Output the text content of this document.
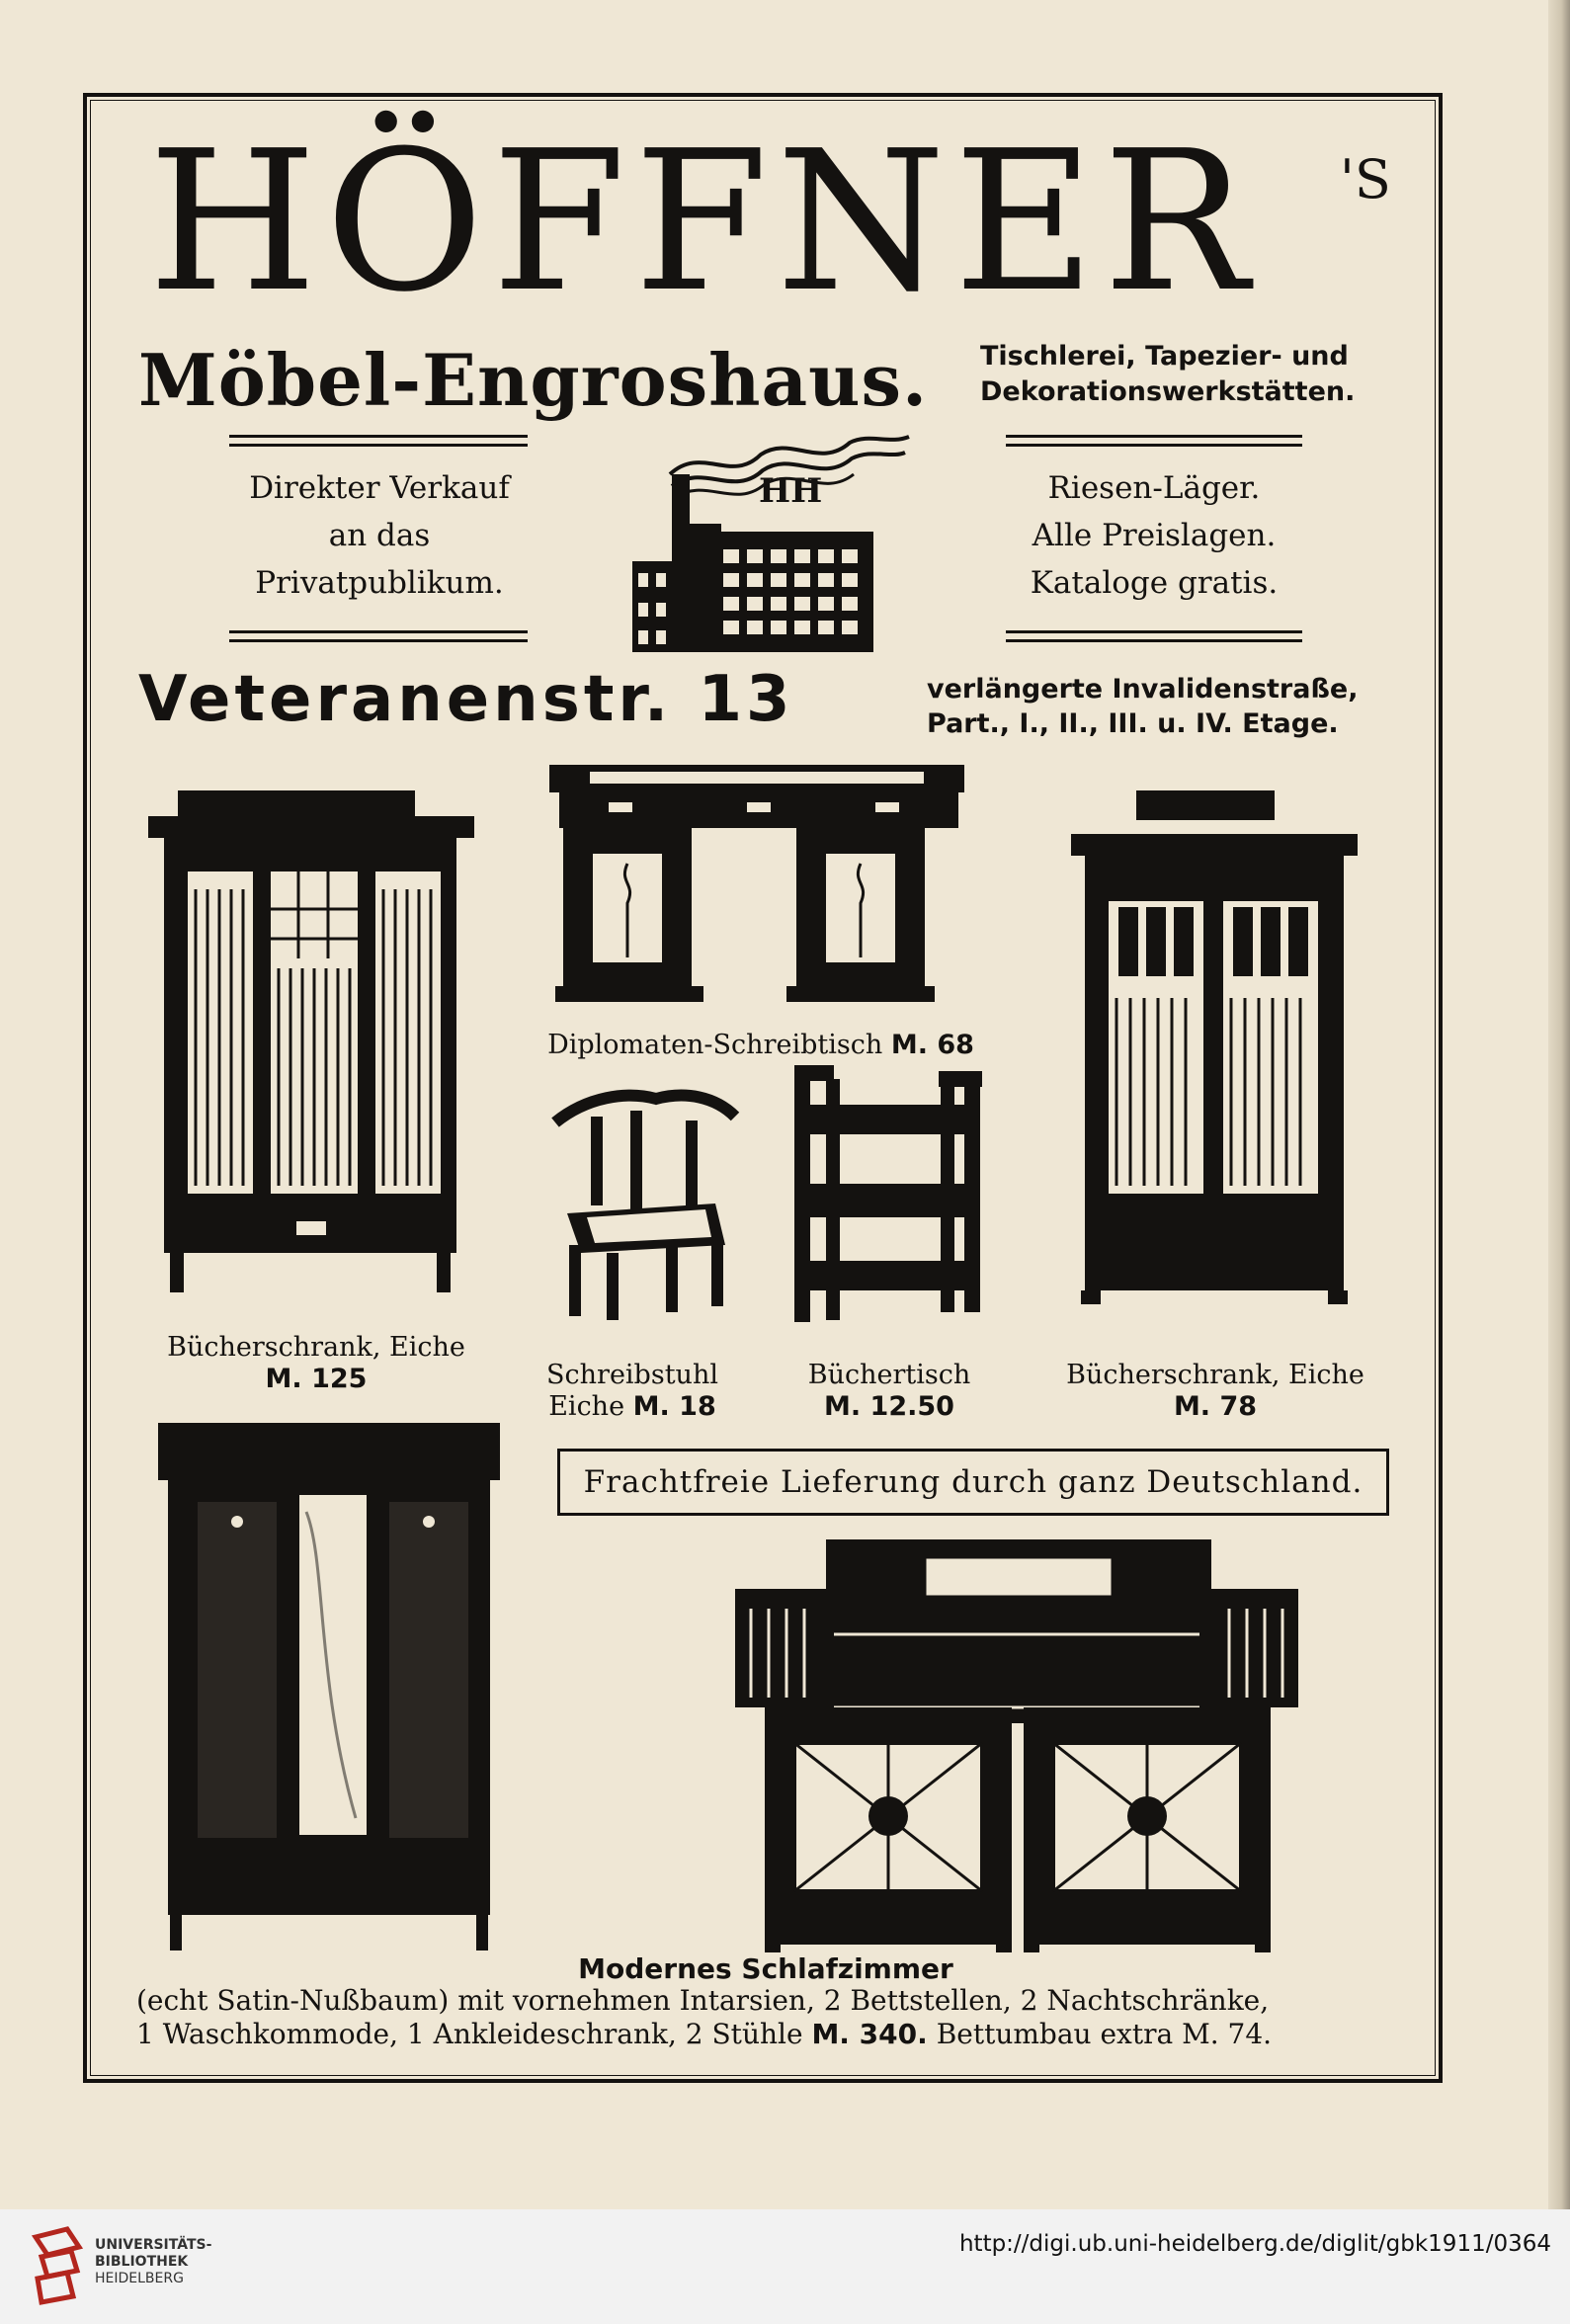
HÖFFNER	'S
Möbel-Engroshaus.	Tischlerei, Tapezier- und
Dekorationswerkstätten.
Direkter Verkauf
an das
Privatpublikum.
Riesen-Läger.
Alle Preislagen.
Kataloge gratis.
HH
Veteranenstr. 13	verlängerte Invalidenstraße,
Part., I., II., III. u. IV. Etage.
Bücherschrank, Eiche
M. 125
Diplomaten-Schreibtisch M. 68
Schreibstuhl
Eiche M. 18
Büchertisch
M. 12.50
Bücherschrank, Eiche
M. 78
Frachtfreie Lieferung durch ganz Deutschland.
Modernes Schlafzimmer
(echt Satin-Nußbaum) mit vornehmen Intarsien, 2 Bettstellen, 2 Nachtschränke,
1 Waschkommode, 1 Ankleideschrank, 2 Stühle M. 340. Bettumbau extra M. 74.
UNIVERSITÄTS-
BIBLIOTHEK
HEIDELBERG
http://digi.ub.uni-heidelberg.de/diglit/gbk1911/0364
